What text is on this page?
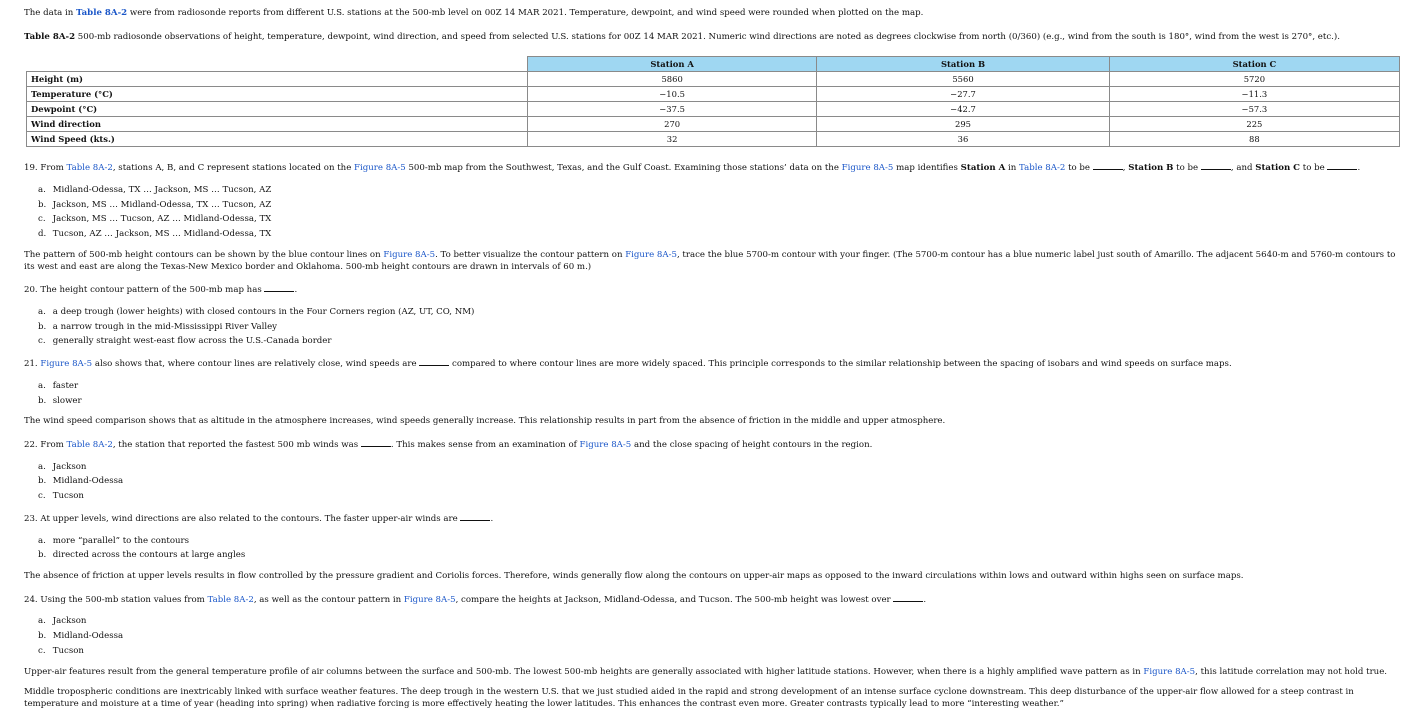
The data in Table 8A-2 were from radiosonde reports from different U.S. stations at the 500-mb level on 00Z 14 MAR 2021. Temperature, dewpoint, and wind speed were rounded when plotted on the map.

Table 8A-2 500-mb radiosonde observations of height, temperature, dewpoint, wind direction, and speed from selected U.S. stations for 00Z 14 MAR 2021. Numeric wind directions are noted as degrees clockwise from north (0/360) (e.g., wind from the south is 180°, wind from the west is 270°, etc.).

	Station A	Station B	Station C
Height (m)	5860	5560	5720
Temperature (°C)	−10.5	−27.7	−11.3
Dewpoint (°C)	−37.5	−42.7	−57.3
Wind direction	270	295	225
Wind Speed (kts.)	32	36	88

19. From Table 8A-2, stations A, B, and C represent stations located on the Figure 8A-5 500-mb map from the Southwest, Texas, and the Gulf Coast. Examining those stations’ data on the Figure 8A-5 map identifies Station A in Table 8A-2 to be	, Station B to be	, and Station C to be	.

a. Midland-Odessa, TX … Jackson, MS … Tucson, AZ
b. Jackson, MS … Midland-Odessa, TX … Tucson, AZ
c. Jackson, MS … Tucson, AZ … Midland-Odessa, TX
d. Tucson, AZ … Jackson, MS … Midland-Odessa, TX

The pattern of 500-mb height contours can be shown by the blue contour lines on Figure 8A-5. To better visualize the contour pattern on Figure 8A-5, trace the blue 5700-m contour with your finger. (The 5700-m contour has a blue numeric label just south of Amarillo. The adjacent 5640-m and 5760-m contours to its west and east are along the Texas-New Mexico border and Oklahoma. 500-mb height contours are drawn in intervals of 60 m.)

20. The height contour pattern of the 500-mb map has	.

a. a deep trough (lower heights) with closed contours in the Four Corners region (AZ, UT, CO, NM)
b. a narrow trough in the mid-Mississippi River Valley
c. generally straight west-east flow across the U.S.-Canada border

21. Figure 8A-5 also shows that, where contour lines are relatively close, wind speeds are	compared to where contour lines are more widely spaced. This principle corresponds to the similar relationship between the spacing of isobars and wind speeds on surface maps.

a. faster
b. slower

The wind speed comparison shows that as altitude in the atmosphere increases, wind speeds generally increase. This relationship results in part from the absence of friction in the middle and upper atmosphere.

22. From Table 8A-2, the station that reported the fastest 500 mb winds was	. This makes sense from an examination of Figure 8A-5 and the close spacing of height contours in the region.

a. Jackson
b. Midland-Odessa
c. Tucson

23. At upper levels, wind directions are also related to the contours. The faster upper-air winds are	.

a. more “parallel” to the contours
b. directed across the contours at large angles

The absence of friction at upper levels results in flow controlled by the pressure gradient and Coriolis forces. Therefore, winds generally flow along the contours on upper-air maps as opposed to the inward circulations within lows and outward within highs seen on surface maps.

24. Using the 500-mb station values from Table 8A-2, as well as the contour pattern in Figure 8A-5, compare the heights at Jackson, Midland-Odessa, and Tucson. The 500-mb height was lowest over	.

a. Jackson
b. Midland-Odessa
c. Tucson

Upper-air features result from the general temperature profile of air columns between the surface and 500-mb. The lowest 500-mb heights are generally associated with higher latitude stations. However, when there is a highly amplified wave pattern as in Figure 8A-5, this latitude correlation may not hold true.

Middle tropospheric conditions are inextricably linked with surface weather features. The deep trough in the western U.S. that we just studied aided in the rapid and strong development of an intense surface cyclone downstream. This deep disturbance of the upper-air flow allowed for a steep contrast in temperature and moisture at a time of year (heading into spring) when radiative forcing is more effectively heating the lower latitudes. This enhances the contrast even more. Greater contrasts typically lead to more “interesting weather.”
